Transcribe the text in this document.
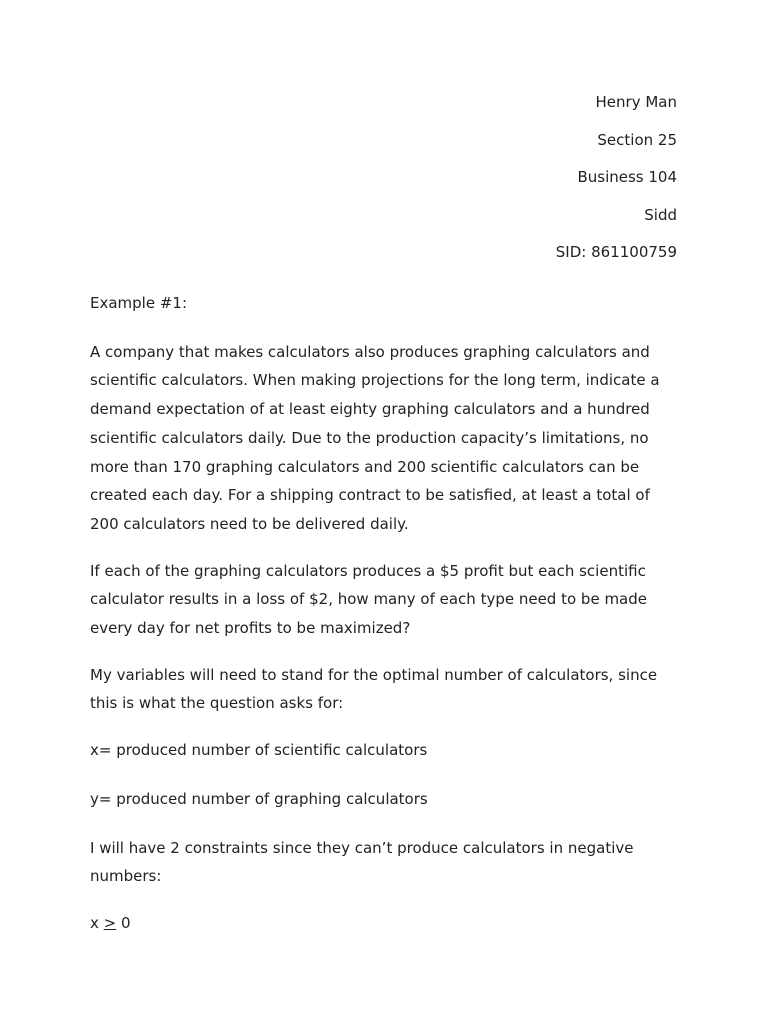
Henry Man
Section 25
Business 104
Sidd
SID: 861100759

Example #1:

A company that makes calculators also produces graphing calculators and scientific calculators. When making projections for the long term, indicate a demand expectation of at least eighty graphing calculators and a hundred scientific calculators daily. Due to the production capacity’s limitations, no more than 170 graphing calculators and 200 scientific calculators can be created each day. For a shipping contract to be satisfied, at least a total of 200 calculators need to be delivered daily.

If each of the graphing calculators produces a $5 profit but each scientific calculator results in a loss of $2, how many of each type need to be made every day for net profits to be maximized?

My variables will need to stand for the optimal number of calculators, since this is what the question asks for:

x= produced number of scientific calculators

y= produced number of graphing calculators

I will have 2 constraints since they can’t produce calculators in negative numbers:

x > 0
